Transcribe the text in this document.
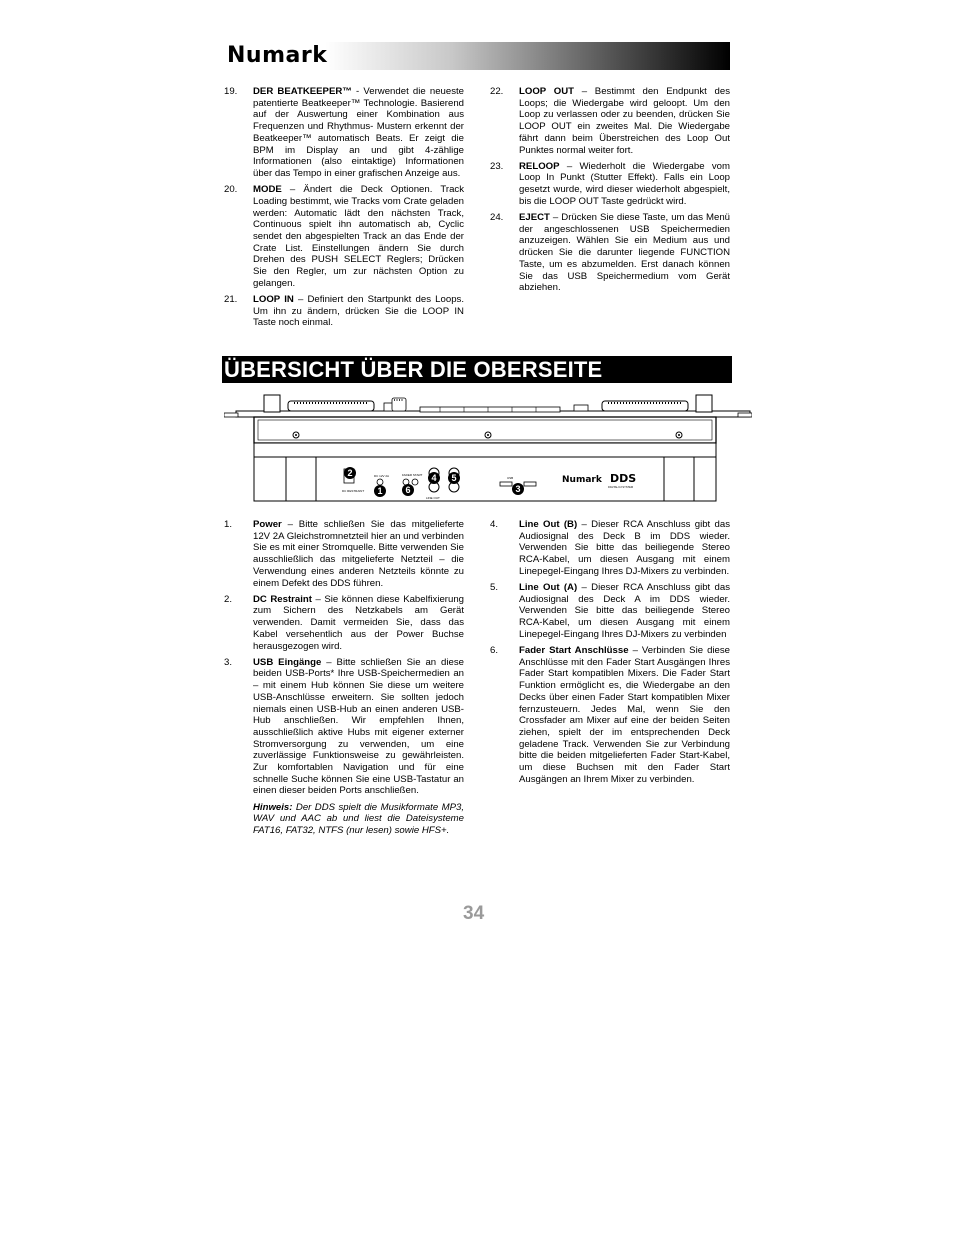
Numark
19.	DER BEATKEEPER™ - Verwendet die neueste patentierte Beatkeeper™ Technologie. Basierend auf der Auswertung einer Kombination aus Frequenzen und Rhythmus- Mustern erkennt der Beatkeeper™ automatisch Beats. Er zeigt die BPM im Display an und gibt 4-zählige Informationen (also eintaktige) Informationen über das Tempo in einer grafischen Anzeige aus.
20.	MODE – Ändert die Deck Optionen. Track Loading bestimmt, wie Tracks vom Crate geladen werden: Automatic lädt den nächsten Track, Continuous spielt ihn automatisch ab, Cyclic sendet den abgespielten Track an das Ende der Crate List. Einstellungen ändern Sie durch Drehen des PUSH SELECT Reglers; Drücken Sie den Regler, um zur nächsten Option zu gelangen.
21.	LOOP IN – Definiert den Startpunkt des Loops. Um ihn zu ändern, drücken Sie die LOOP IN Taste noch einmal.
22.	LOOP OUT – Bestimmt den Endpunkt des Loops; die Wiedergabe wird geloopt. Um den Loop zu verlassen oder zu beenden, drücken Sie LOOP OUT ein zweites Mal. Die Wiedergabe fährt dann beim Überstreichen des Loop Out Punktes normal weiter fort.
23.	RELOOP – Wiederholt die Wiedergabe vom Loop In Punkt (Stutter Effekt). Falls ein Loop gesetzt wurde, wird dieser wiederholt abgespielt, bis die LOOP OUT Taste gedrückt wird.
24.	EJECT – Drücken Sie diese Taste, um das Menü der angeschlossenen USB Speichermedien anzuzeigen. Wählen Sie ein Medium aus und drücken Sie die darunter liegende FUNCTION Taste, um es abzumelden. Erst danach können Sie das USB Speichermedium vom Gerät abziehen.
ÜBERSICHT ÜBER DIE OBERSEITE
DC RESTRAINT
DC 12V 2A	FADER START
LINE OUT
USB	Numark DDS
DIGITAL DJ SYSTEM
1
2
3
4 5
6
1.	Power – Bitte schließen Sie das mitgelieferte 12V 2A Gleichstromnetzteil hier an und verbinden Sie es mit einer Stromquelle. Bitte verwenden Sie ausschließlich das mitgelieferte Netzteil – die Verwendung eines anderen Netzteils könnte zu einem Defekt des DDS führen.
2.	DC Restraint – Sie können diese Kabelfixierung zum Sichern des Netzkabels am Gerät verwenden. Damit vermeiden Sie, dass das Kabel versehentlich aus der Power Buchse herausgezogen wird.
3.	USB Eingänge – Bitte schließen Sie an diese beiden USB-Ports* Ihre USB-Speichermedien an – mit einem Hub können Sie diese um weitere USB-Anschlüsse erweitern. Sie sollten jedoch niemals einen USB-Hub an einen anderen USB-Hub anschließen. Wir empfehlen Ihnen, ausschließlich aktive Hubs mit eigener externer Stromversorgung zu verwenden, um eine zuverlässige Funktionsweise zu gewährleisten. Zur komfortablen Navigation und für eine schnelle Suche können Sie eine USB-Tastatur an einen dieser beiden Ports anschließen.
Hinweis: Der DDS spielt die Musikformate MP3, WAV und AAC ab und liest die Dateisysteme FAT16, FAT32, NTFS (nur lesen) sowie HFS+.
4.	Line Out (B) – Dieser RCA Anschluss gibt das Audiosignal des Deck B im DDS wieder. Verwenden Sie bitte das beiliegende Stereo RCA-Kabel, um diesen Ausgang mit einem Linepegel-Eingang Ihres DJ-Mixers zu verbinden.
5.	Line Out (A) – Dieser RCA Anschluss gibt das Audiosignal des Deck A im DDS wieder. Verwenden Sie bitte das beiliegende Stereo RCA-Kabel, um diesen Ausgang mit einem Linepegel-Eingang Ihres DJ-Mixers zu verbinden
6.	Fader Start Anschlüsse – Verbinden Sie diese Anschlüsse mit den Fader Start Ausgängen Ihres Fader Start kompatiblen Mixers. Die Fader Start Funktion ermöglicht es, die Wiedergabe an den Decks über einen Fader Start kompatiblen Mixer fernzusteuern. Jedes Mal, wenn Sie den Crossfader am Mixer auf eine der beiden Seiten ziehen, spielt der im entsprechenden Deck geladene Track. Verwenden Sie zur Verbindung bitte die beiden mitgelieferten Fader Start-Kabel, um diese Buchsen mit den Fader Start Ausgängen an Ihrem Mixer zu verbinden.
34
